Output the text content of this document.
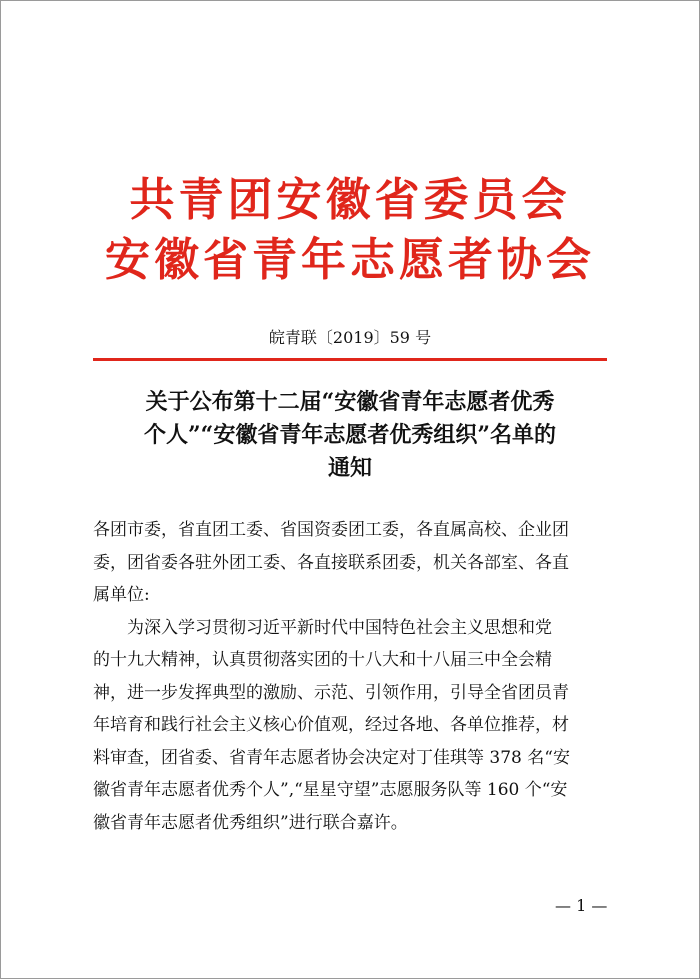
共青团安徽省委员会
安徽省青年志愿者协会
皖青联〔2019〕59 号
关于公布第十二届“安徽省青年志愿者优秀
个人”“安徽省青年志愿者优秀组织”名单的
通知

各团市委，省直团工委、省国资委团工委，各直属高校、企业团

委，团省委各驻外团工委、各直接联系团委，机关各部室、各直

属单位:

为深入学习贯彻习近平新时代中国特色社会主义思想和党

的十九大精神，认真贯彻落实团的十八大和十八届三中全会精

神，进一步发挥典型的激励、示范、引领作用，引导全省团员青

年培育和践行社会主义核心价值观，经过各地、各单位推荐，材

料审查，团省委、省青年志愿者协会决定对丁佳琪等 378 名“安

徽省青年志愿者优秀个人”,“星星守望”志愿服务队等 160 个“安

徽省青年志愿者优秀组织”进行联合嘉许。

— 1 —
